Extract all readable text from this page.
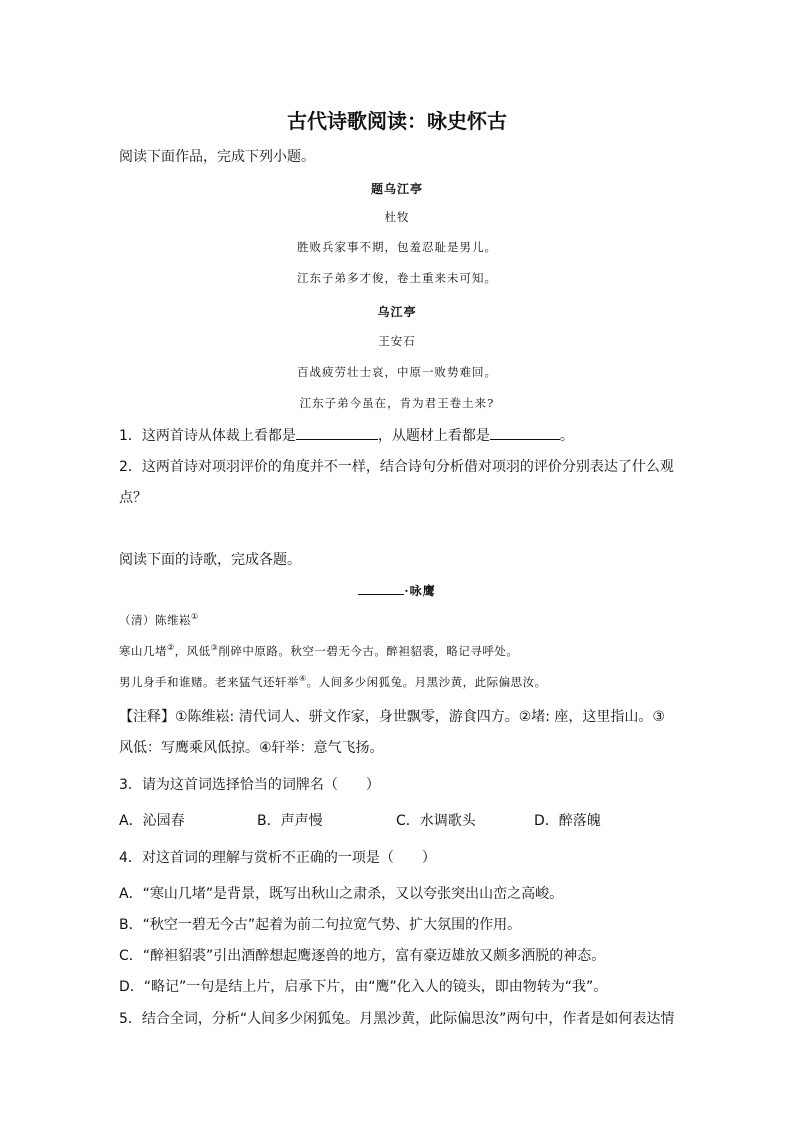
古代诗歌阅读：咏史怀古
阅读下面作品，完成下列小题。
题乌江亭
杜牧
胜败兵家事不期，包羞忍耻是男儿。
江东子弟多才俊，卷土重来未可知。
乌江亭
王安石
百战疲劳壮士哀，中原一败势难回。
江东子弟今虽在，肯为君王卷土来?
1．这两首诗从体裁上看都是	，从题材上看都是	。
2．这两首诗对项羽评价的角度并不一样，结合诗句分析借对项羽的评价分别表达了什么观
点？
阅读下面的诗歌，完成各题。
·咏鹰
（清）陈维崧①
寒山几堵②，风低③削碎中原路。秋空一碧无今古。醉袒貂裘，略记寻呼处。
男儿身手和谁赌。老来猛气还轩举④。人间多少闲狐兔。月黑沙黄，此际偏思汝。
【注释】①陈维崧: 清代词人、骈文作家，身世飘零，游食四方。②堵: 座，这里指山。③
风低：写鹰乘风低掠。④轩举：意气飞扬。
3．请为这首词选择恰当的词牌名（　　）
A．沁园春	B．声声慢	C．水调歌头	D．醉落魄
4．对这首词的理解与赏析不正确的一项是（　　）
A．“寒山几堵”是背景，既写出秋山之肃杀，又以夸张突出山峦之高峻。
B．“秋空一碧无今古”起着为前二句拉宽气势、扩大氛围的作用。
C．“醉袒貂裘”引出酒醉想起鹰逐兽的地方，富有豪迈雄放又颇多洒脱的神态。
D．“略记”一句是结上片，启承下片，由“鹰”化入人的镜头，即由物转为“我”。
5．结合全词，分析“人间多少闲狐兔。月黑沙黄，此际偏思汝”两句中，作者是如何表达情
